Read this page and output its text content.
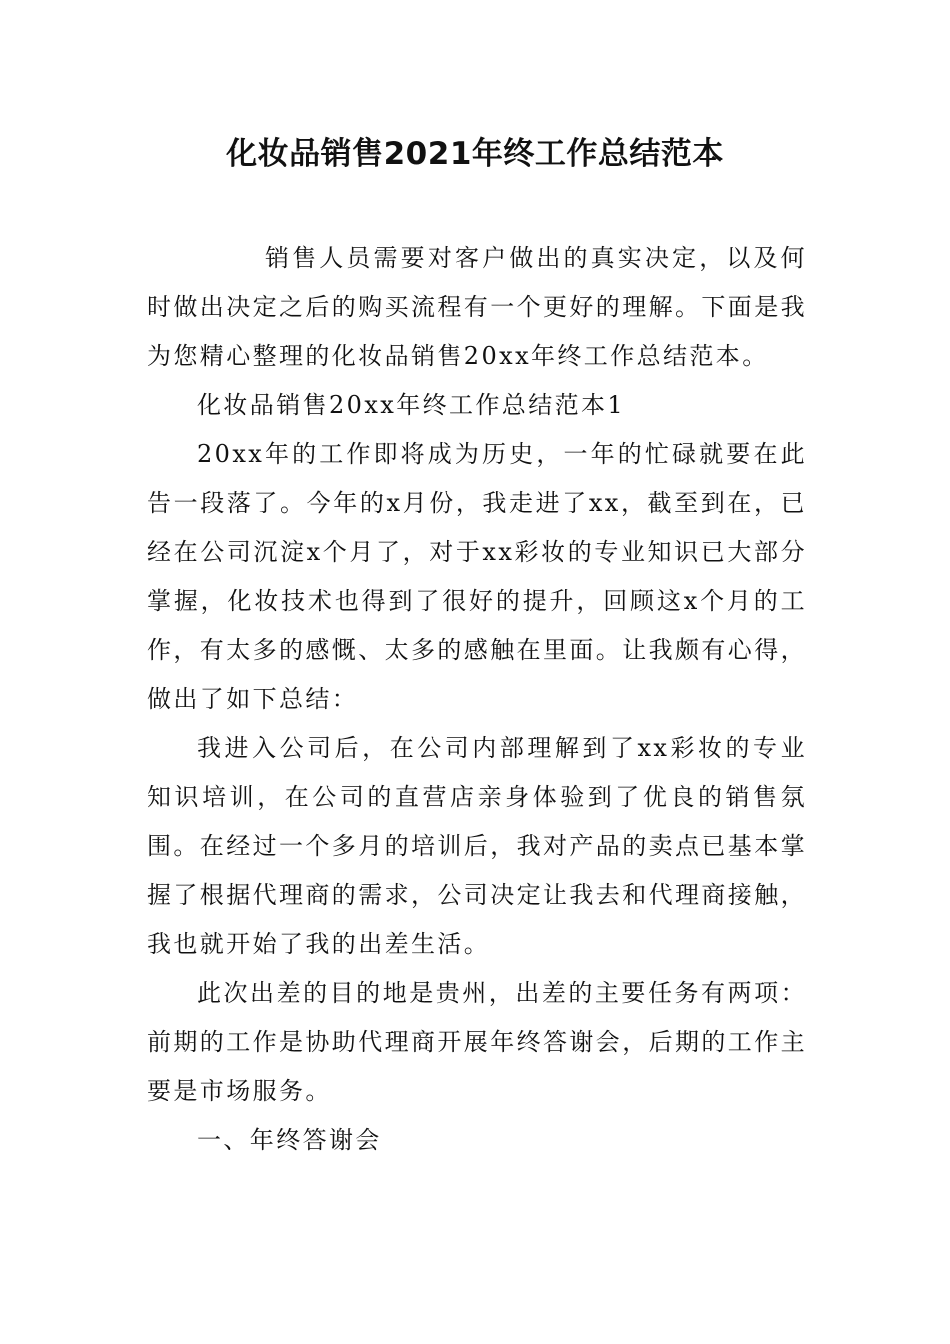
化妆品销售2021年终工作总结范本

销售人员需要对客户做出的真实决定，以及何时做出决定之后的购买流程有一个更好的理解。下面是我为您精心整理的化妆品销售20xx年终工作总结范本。

化妆品销售20xx年终工作总结范本1

20xx年的工作即将成为历史，一年的忙碌就要在此告一段落了。今年的x月份，我走进了xx，截至到在，已经在公司沉淀x个月了，对于xx彩妆的专业知识已大部分掌握，化妆技术也得到了很好的提升，回顾这x个月的工作，有太多的感慨、太多的感触在里面。让我颇有心得，做出了如下总结：

我进入公司后，在公司内部理解到了xx彩妆的专业知识培训，在公司的直营店亲身体验到了优良的销售氛围。在经过一个多月的培训后，我对产品的卖点已基本掌握了根据代理商的需求，公司决定让我去和代理商接触，我也就开始了我的出差生活。

此次出差的目的地是贵州，出差的主要任务有两项：前期的工作是协助代理商开展年终答谢会，后期的工作主要是市场服务。

一、年终答谢会
